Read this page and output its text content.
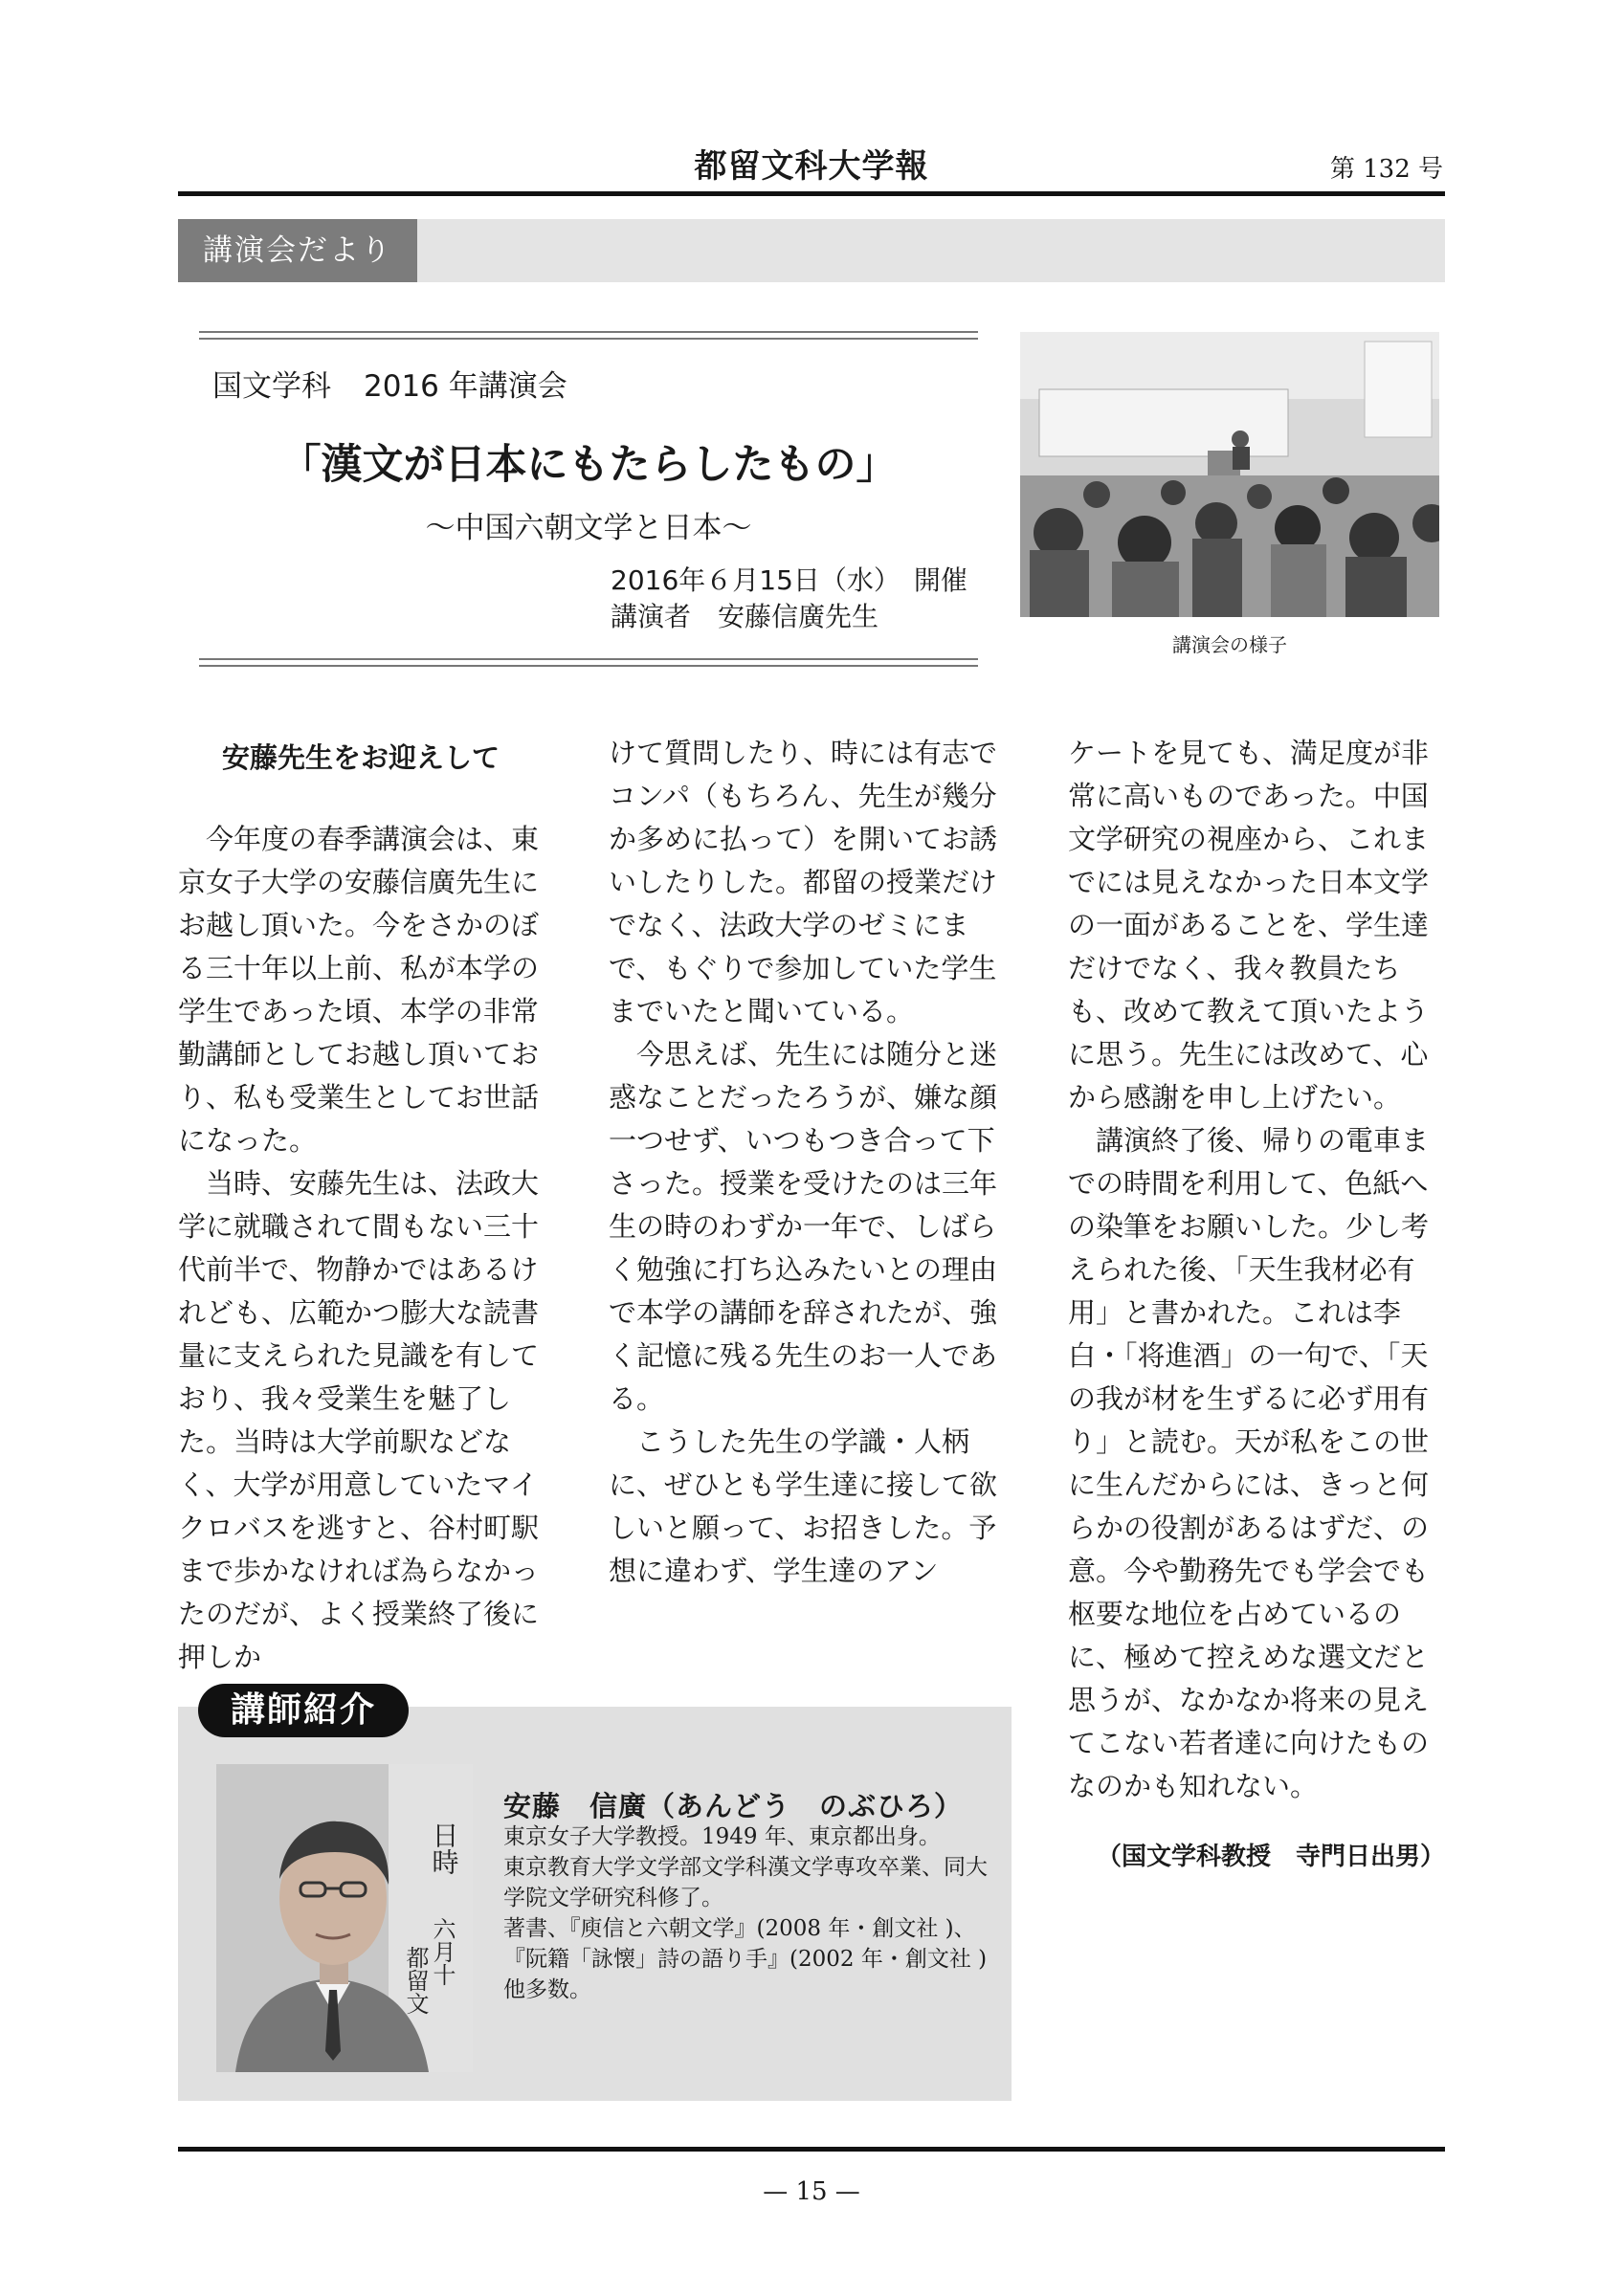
都留文科大学報	第 132 号
講演会だより
国文学科 2016 年講演会
「漢文が日本にもたらしたもの」
～中国六朝文学と日本～
2016年６月15日（水）　開催
講演者　安藤信廣先生
講演会の様子
安藤先生をお迎えして

今年度の春季講演会は、東京女子大学の安藤信廣先生にお越し頂いた。今をさかのぼる三十年以上前、私が本学の学生であった頃、本学の非常勤講師としてお越し頂いており、私も受業生としてお世話になった。

当時、安藤先生は、法政大学に就職されて間もない三十代前半で、物静かではあるけれども、広範かつ膨大な読書量に支えられた見識を有しており、我々受業生を魅了した。当時は大学前駅などなく、大学が用意していたマイクロバスを逃すと、谷村町駅まで歩かなければ為らなかったのだが、よく授業終了後に押しか

けて質問したり、時には有志でコンパ（もちろん、先生が幾分か多めに払って）を開いてお誘いしたりした。都留の授業だけでなく、法政大学のゼミにまで、もぐりで参加していた学生までいたと聞いている。

今思えば、先生には随分と迷惑なことだったろうが、嫌な顔一つせず、いつもつき合って下さった。授業を受けたのは三年生の時のわずか一年で、しばらく勉強に打ち込みたいとの理由で本学の講師を辞されたが、強く記憶に残る先生のお一人である。

こうした先生の学識・人柄に、ぜひとも学生達に接して欲しいと願って、お招きした。予想に違わず、学生達のアン

ケートを見ても、満足度が非常に高いものであった。中国文学研究の視座から、これまでには見えなかった日本文学の一面があることを、学生達だけでなく、我々教員たちも、改めて教えて頂いたように思う。先生には改めて、心から感謝を申し上げたい。

講演終了後、帰りの電車までの時間を利用して、色紙への染筆をお願いした。少し考えられた後、「天生我材必有用」と書かれた。これは李白・「将進酒」の一句で、「天の我が材を生ずるに必ず用有り」と読む。天が私をこの世に生んだからには、きっと何らかの役割があるはずだ、の意。今や勤務先でも学会でも枢要な地位を占めているのに、極めて控えめな選文だと思うが、なかなか将来の見えてこない若者達に向けたものなのかも知れない。

（国文学科教授　寺門日出男）
講師紹介
日時
六月十
都留文
安藤　信廣（あんどう　のぶひろ）

東京女子大学教授。1949 年、東京都出身。

東京教育大学文学部文学科漢文学専攻卒業、同大学院文学研究科修了。

著書、『庾信と六朝文学』(2008 年・創文社 )、『阮籍「詠懐」詩の語り手』(2002 年・創文社 )他多数。

— 15 —
